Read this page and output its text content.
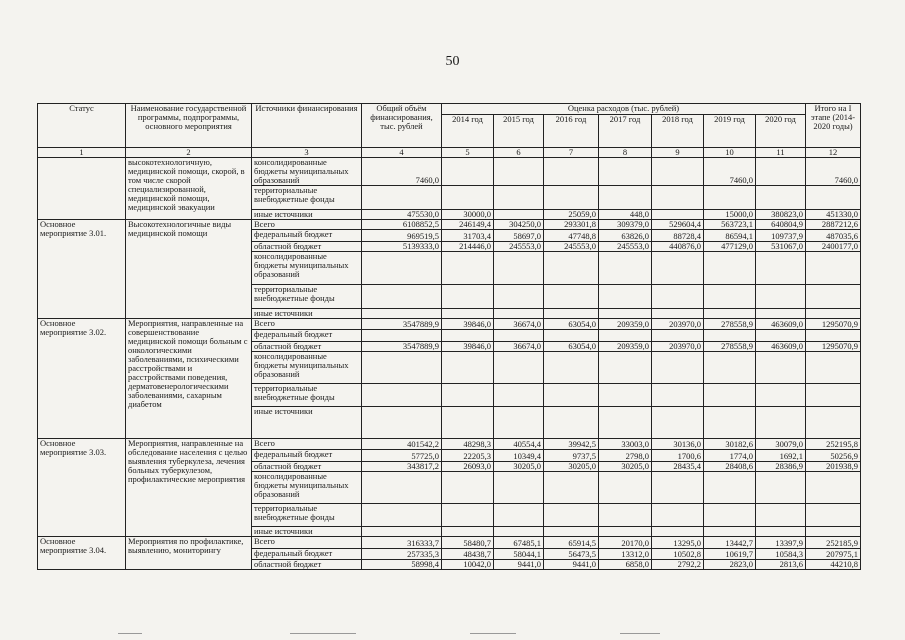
50
Статус	Наименование государственной программы, подпрограммы, основного мероприятия	Источники финансирования	Общий объём финансирования, тыс. рублей	Оценка расходов (тыс. рублей)							Итого на I этапе (2014-2020 годы)
				2014 год	2015 год	2016 год	2017 год	2018 год	2019 год	2020 год	
1	2	3	4	5	6	7	8	9	10	11	12
	высокотехнологичную, медицинской помощи, скорой, в том числе скорой специализированной, медицинской помощи, медицинской эвакуации	консолидированные бюджеты муниципальных образований	7460,0						7460,0		7460,0
		территориальные внебюджетные фонды									
		иные источники	475530,0	30000,0		25059,0	448,0		15000,0	380823,0	451330,0
Основное мероприятие 3.01.	Высокотехнологичные виды медицинской помощи	Всего	6108852,5	246149,4	304250,0	293301,8	309379,0	529604,4	563723,1	640804,9	2887212,6
		федеральный бюджет	969519,5	31703,4	58697,0	47748,8	63826,0	88728,4	86594,1	109737,9	487035,6
		областной бюджет	5139333,0	214446,0	245553,0	245553,0	245553,0	440876,0	477129,0	531067,0	2400177,0
		консолидированные бюджеты муниципальных образований									
		территориальные внебюджетные фонды									
		иные источники									
Основное мероприятие 3.02.	Мероприятия, направленные на совершенствование медицинской помощи больным с онкологическими заболеваниями, психическими расстройствами и расстройствами поведения, дерматовенерологическими заболеваниями, сахарным диабетом	Всего	3547889,9	39846,0	36674,0	63054,0	209359,0	203970,0	278558,9	463609,0	1295070,9
		федеральный бюджет									
		областной бюджет	3547889,9	39846,0	36674,0	63054,0	209359,0	203970,0	278558,9	463609,0	1295070,9
		консолидированные бюджеты муниципальных образований									
		территориальные внебюджетные фонды									
		иные источники									
Основное мероприятие 3.03.	Мероприятия, направленные на обследование населения с целью выявления туберкулеза, лечения больных туберкулезом, профилактические мероприятия	Всего	401542,2	48298,3	40554,4	39942,5	33003,0	30136,0	30182,6	30079,0	252195,8
		федеральный бюджет	57725,0	22205,3	10349,4	9737,5	2798,0	1700,6	1774,0	1692,1	50256,9
		областной бюджет	343817,2	26093,0	30205,0	30205,0	30205,0	28435,4	28408,6	28386,9	201938,9
		консолидированные бюджеты муниципальных образований									
		территориальные внебюджетные фонды									
		иные источники									
Основное мероприятие 3.04.	Мероприятия по профилактике, выявлению, мониторингу	Всего	316333,7	58480,7	67485,1	65914,5	20170,0	13295,0	13442,7	13397,9	252185,9
		федеральный бюджет	257335,3	48438,7	58044,1	56473,5	13312,0	10502,8	10619,7	10584,3	207975,1
		областной бюджет	58998,4	10042,0	9441,0	9441,0	6858,0	2792,2	2823,0	2813,6	44210,8
